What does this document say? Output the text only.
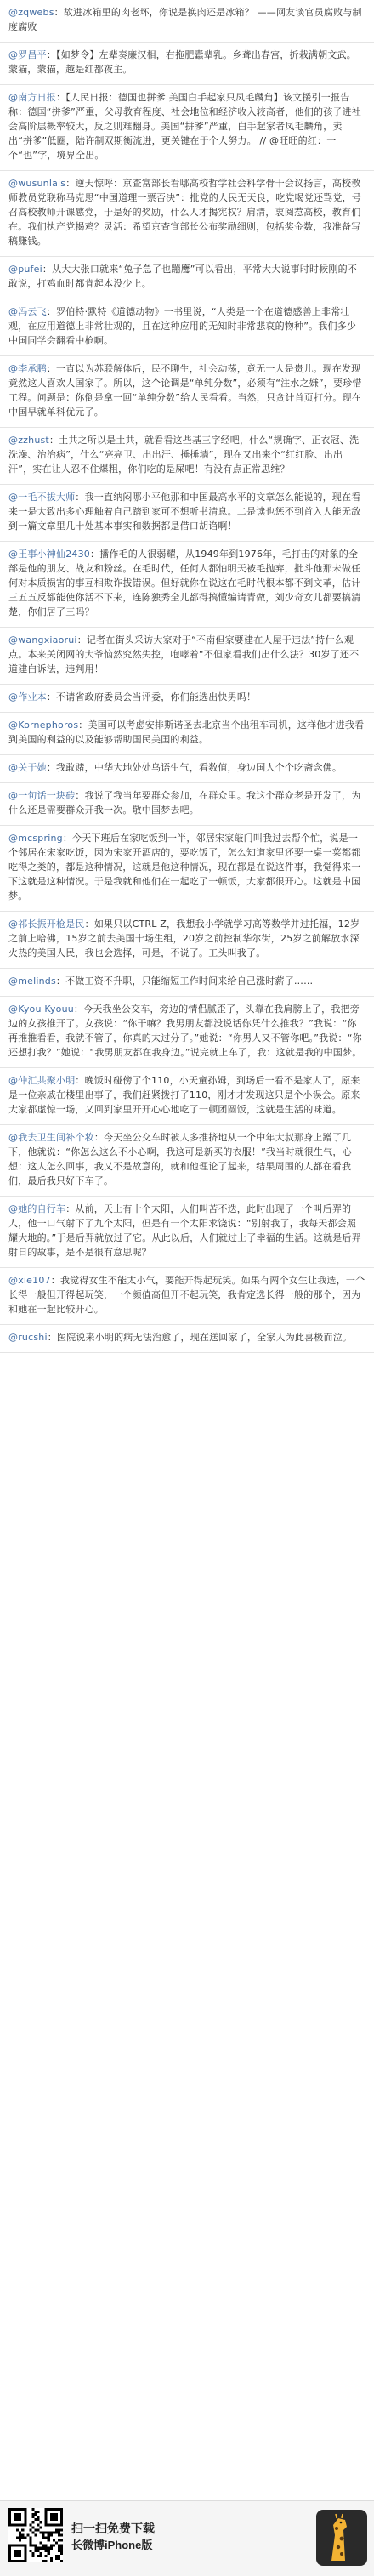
@zqwebs：故进冰箱里的肉老坏，你说是换肉还是冰箱？ ——网友谈官员腐败与制度腐败
@罗昌平：【如梦令】左辈奏廉汉相，右拖肥蠹辈乳。乡聋出春宫，折栽满朝文武。蒙猫，蒙猫，越是红都夜主。
@南方日报：【人民日报：德国也拼爹 美国白手起家只凤毛麟角】该文援引一报告称：德国“拼爹”严重，父母教育程度、社会地位和经济收入较高者，他们的孩子进社会高阶层概率较大，反之则难翻身。美国“拼爹”严重，白手起家者凤毛麟角，卖出“拼爹”低圈，陆许制双期衡流进，更关键在于个人努力。 // @旺旺的红：一个“也”字，境界全出。
@wusunlais：逆天惊呼：京查富部长看哪高校哲学社会科学骨干会议扬言，高校教师教员党联称马克思“中国道理一票否决”：批党的人民无天良，吃党喝党还骂党，号召高校教师开课感党，于是好的奖励，什么人才揭宪权？肩清，衷阅惹高校，教育们在。我们执产党揭鸡？灵活：希望京查宣部长公布奖励细则，包括奖金数，我准备写稿赚钱。
@pufei：从大大张口就来“兔子急了也蹦鹰”可以看出，平常大大说事时时候刚的不敢说，打鸡血时都肯起本没少上。
@冯云飞：罗伯特·默特《道德动物》一书里说，“人类是一个在道德感善上非常壮观，在应用道德上非常壮观的，且在这种应用的无知时非常悲哀的物种”。我们多少中国同学会翻看中枪啊。
@李承鹏：一直以为苏联解体后，民不聊生，社会动荡，竟无一人是贵儿。现在发现竟然这人喜欢人国家了。所以，这个论调是“单纯分数”，必须有“注水之嫌”，要珍惜工程。问题是：你倒是拿一回“单纯分数”给人民看看。当然，只贪计首页打分。现在中国早就单科优元了。
@zzhust：土共之所以是土共，就看看这些基三字经吧，什么“规确字、正衣冠、洗洗澡、治治病”，什么“亮亮卫、出出汗、捶捶墙”，现在又出来个“红红脸、出出汗”，实在让人忍不住爆粗，你们吃的是屎吧！有没有点正常思维？
@一毛不拔大师：我一直纳闷哪小平他那和中国最高水平的文章怎么能说的，现在看来一是大致出多心理触着自己踏到家可不想听书清息。二是读也惩不到首入人能无敌到一篇文章里几十处基本事实和数据都是借口胡诌啊！
@王事小神仙2430：播作毛的人很弱耀，从1949年到1976年，毛打击的对象的全部是他的朋友、战友和粉丝。在毛时代，任何人都怕明天被毛抛弃，批斗他那未做任何对本质损害的事互相欺诈拔错误。但好就你在说这在毛时代根本都不到文革，估计三五五反都能使你活不下来，连陈独秀全儿都得搞懂编请青做，刘少奇女儿都要搞清楚，你们居了三吗？
@wangxiaorui：记者在街头采访大家对于“不南但家要建在人屋于违法”持什么观点。本来关闭网的大爷恼然究然失控，咆哮着“不但家看我们出什么法？30岁了还不道建白诉法，违判用！
@作业本：不请省政府委员会当评委，你们能选出快男吗！
@Kornephoros：美国可以考虑安排斯诺圣去北京当个出租车司机，这样他才进我看到美国的利益的以及能够帮助国民美国的利益。
@关于她：我敢赌，中华大地处处鸟语生气，看数值，身边国人个个吃斋念佛。
@一句话一块砖：我说了我当年要群众参加，在群众里。我这个群众老是开发了，为什么还是需要群众开我一次。敬中国梦去吧。
@mcspring：今天下班后在家吃饭到一半，邻居宋家敲门叫我过去帮个忙，说是一个邻居在宋家吃饭，因为宋家开酒店的，要吃饭了，怎么知道家里还要一桌一菜都都吃得之类的，都是这种情况，这就是他这种情况，现在都是在说这件事，我觉得来一下这就是这种情况。于是我就和他们在一起吃了一顿饭，大家都很开心。这就是中国梦。
@祁长振开枪是民：如果只以CTRL Z，我想我小学就学习高等数学并过托福，12岁之前上哈佛，15岁之前去美国十场生组，20岁之前控制华尔街，25岁之前解放水深火热的美国人民，我也会选择，可是，不说了。工头叫我了。
@melinds：不做工资不升职，只能缩短工作时间来给自己涨时薪了……
@Kyou Kyouu：今天我坐公交车，旁边的情侣腻歪了，头靠在我肩膀上了，我把旁边的女孩推开了。女孩说：“你干嘛？我男朋友都没说话你凭什么推我？”我说：“你再推推看看，我就不管了，你真的太过分了。”她说：“你男人又不管你吧。”我说：“你还想打我？”她说：“我男朋友都在我身边。”说完就上车了，我：这就是我的中国梦。
@仲汇共聚小明：晚饭时碰傍了个110，小天童孙姆，到场后一看不是家人了，原来是一位亲戚在楼里出事了，我们赶紧拨打了110，刚才才发现这只是个小误会。原来大家都虚惊一场，又回到家里开开心心地吃了一顿团圆饭，这就是生活的味道。
@我去卫生间补个妆：今天坐公交车时被人多推挤地从一个中年大叔那身上蹭了几下，他就说：“你怎么这么不小心啊，我这可是新买的衣服！”我当时就很生气，心想：这人怎么回事，我又不是故意的，就和他理论了起来，结果周围的人都在看我们，最后我只好下车了。
@她的自行车：从前，天上有十个太阳，人们叫苦不迭，此时出现了一个叫后羿的人，他一口气射下了九个太阳，但是有一个太阳求饶说：“别射我了，我每天都会照耀大地的。”于是后羿就放过了它。从此以后，人们就过上了幸福的生活。这就是后羿射日的故事，是不是很有意思呢？
@xie107：我觉得女生不能太小气，要能开得起玩笑。如果有两个女生让我选，一个长得一般但开得起玩笑，一个颜值高但开不起玩笑，我肯定选长得一般的那个，因为和她在一起比较开心。
@rucshi：医院说来小明的病无法治愈了，现在送回家了，全家人为此喜极而泣。
扫一扫免费下载
长微博iPhone版
